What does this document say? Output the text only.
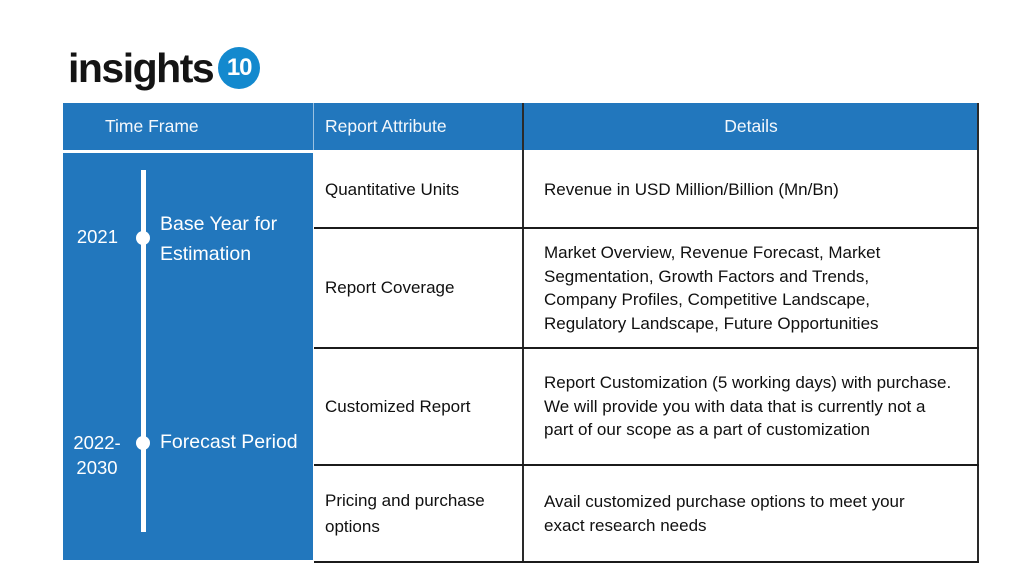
insights 10
Time Frame	Report Attribute	Details
2021
Base Year for Estimation
2022-2030
Forecast Period
Quantitative Units
Report Coverage
Customized Report
Pricing and purchase options
Revenue in USD Million/Billion (Mn/Bn)
Market Overview, Revenue Forecast, Market Segmentation, Growth Factors and Trends, Company Profiles, Competitive Landscape, Regulatory Landscape, Future Opportunities
Report Customization (5 working days) with purchase. We will provide you with data that is currently not a part of our scope as a part of customization
Avail customized purchase options to meet your exact research needs
